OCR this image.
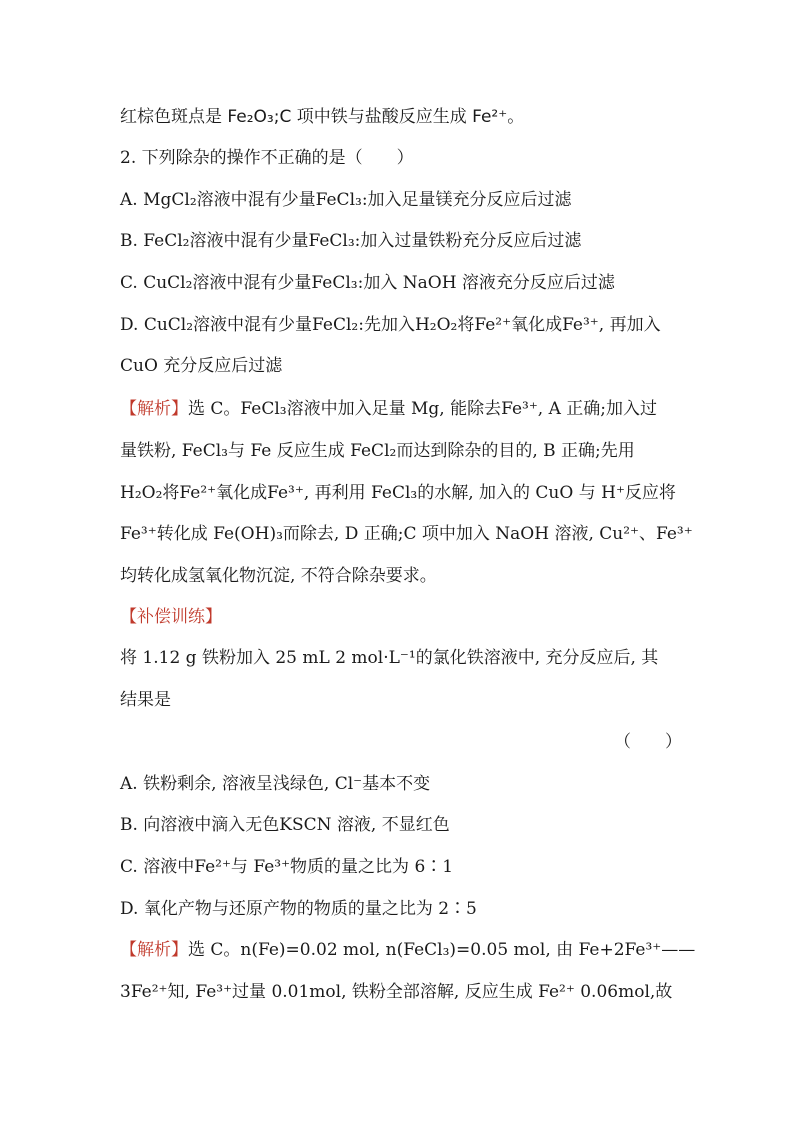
红棕色斑点是 Fe₂O₃;C 项中铁与盐酸反应生成 Fe²⁺。
2. 下列除杂的操作不正确的是（　　）
A. MgCl₂溶液中混有少量FeCl₃:加入足量镁充分反应后过滤
B. FeCl₂溶液中混有少量FeCl₃:加入过量铁粉充分反应后过滤
C. CuCl₂溶液中混有少量FeCl₃:加入 NaOH 溶液充分反应后过滤
D. CuCl₂溶液中混有少量FeCl₂:先加入H₂O₂将Fe²⁺氧化成Fe³⁺, 再加入
CuO 充分反应后过滤
【解析】选 C。FeCl₃溶液中加入足量 Mg, 能除去Fe³⁺, A 正确;加入过
量铁粉, FeCl₃与 Fe 反应生成 FeCl₂而达到除杂的目的, B 正确;先用
H₂O₂将Fe²⁺氧化成Fe³⁺, 再利用 FeCl₃的水解, 加入的 CuO 与 H⁺反应将
Fe³⁺转化成 Fe(OH)₃而除去, D 正确;C 项中加入 NaOH 溶液, Cu²⁺、Fe³⁺
均转化成氢氧化物沉淀, 不符合除杂要求。
【补偿训练】
将 1.12 g 铁粉加入 25 mL 2 mol·L⁻¹的氯化铁溶液中, 充分反应后, 其
结果是
（　　）
A. 铁粉剩余, 溶液呈浅绿色, Cl⁻基本不变
B. 向溶液中滴入无色KSCN 溶液, 不显红色
C. 溶液中Fe²⁺与 Fe³⁺物质的量之比为 6∶1
D. 氧化产物与还原产物的物质的量之比为 2∶5
【解析】选 C。n(Fe)=0.02 mol, n(FeCl₃)=0.05 mol, 由 Fe+2Fe³⁺——
3Fe²⁺知, Fe³⁺过量 0.01mol, 铁粉全部溶解, 反应生成 Fe²⁺ 0.06mol,故
